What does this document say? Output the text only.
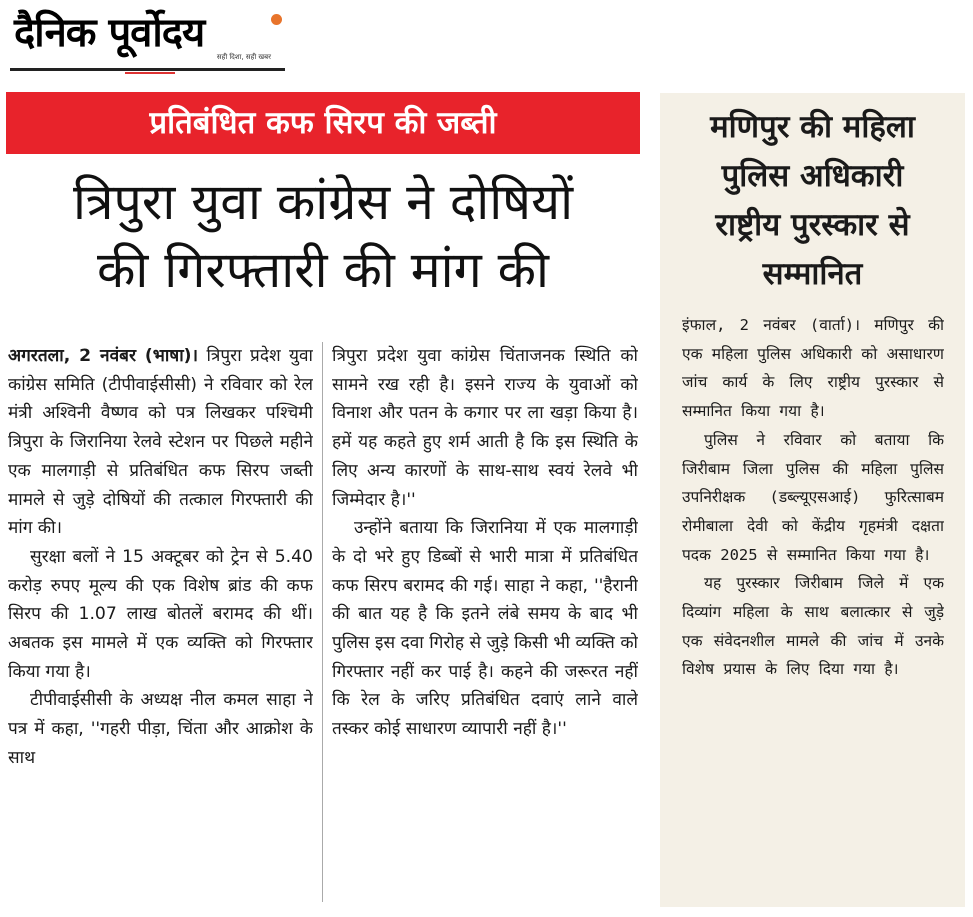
दैनिक पूर्वोदय
सही दिशा, सही खबर
प्रतिबंधित कफ सिरप की जब्ती
त्रिपुरा युवा कांग्रेस ने दोषियों
की गिरफ्तारी की मांग की

अगरतला, 2 नवंबर (भाषा)। त्रिपुरा प्रदेश युवा कांग्रेस समिति (टीपीवाईसीसी) ने रविवार को रेल मंत्री अश्विनी वैष्णव को पत्र लिखकर पश्चिमी त्रिपुरा के जिरानिया रेलवे स्टेशन पर पिछले महीने एक मालगाड़ी से प्रतिबंधित कफ सिरप जब्ती मामले से जुड़े दोषियों की तत्काल गिरफ्तारी की मांग की।

सुरक्षा बलों ने 15 अक्टूबर को ट्रेन से 5.40 करोड़ रुपए मूल्य की एक विशेष ब्रांड की कफ सिरप की 1.07 लाख बोतलें बरामद की थीं। अबतक इस मामले में एक व्यक्ति को गिरफ्तार किया गया है।

टीपीवाईसीसी के अध्यक्ष नील कमल साहा ने पत्र में कहा, ''गहरी पीड़ा, चिंता और आक्रोश के साथ

त्रिपुरा प्रदेश युवा कांग्रेस चिंताजनक स्थिति को सामने रख रही है। इसने राज्य के युवाओं को विनाश और पतन के कगार पर ला खड़ा किया है। हमें यह कहते हुए शर्म आती है कि इस स्थिति के लिए अन्य कारणों के साथ-साथ स्वयं रेलवे भी जिम्मेदार है।''

उन्होंने बताया कि जिरानिया में एक मालगाड़ी के दो भरे हुए डिब्बों से भारी मात्रा में प्रतिबंधित कफ सिरप बरामद की गई। साहा ने कहा, ''हैरानी की बात यह है कि इतने लंबे समय के बाद भी पुलिस इस दवा गिरोह से जुड़े किसी भी व्यक्ति को गिरफ्तार नहीं कर पाई है। कहने की जरूरत नहीं कि रेल के जरिए प्रतिबंधित दवाएं लाने वाले तस्कर कोई साधारण व्यापारी नहीं है।''

मणिपुर की महिला
पुलिस अधिकारी
राष्ट्रीय पुरस्कार से
सम्मानित

इंफाल, 2 नवंबर (वार्ता)। मणिपुर की एक महिला पुलिस अधिकारी को असाधारण जांच कार्य के लिए राष्ट्रीय पुरस्कार से सम्मानित किया गया है।

पुलिस ने रविवार को बताया कि जिरीबाम जिला पुलिस की महिला पुलिस उपनिरीक्षक (डब्ल्यूएसआई) फुरित्साबम रोमीबाला देवी को केंद्रीय गृहमंत्री दक्षता पदक 2025 से सम्मानित किया गया है।

यह पुरस्कार जिरीबाम जिले में एक दिव्यांग महिला के साथ बलात्कार से जुड़े एक संवेदनशील मामले की जांच में उनके विशेष प्रयास के लिए दिया गया है।
